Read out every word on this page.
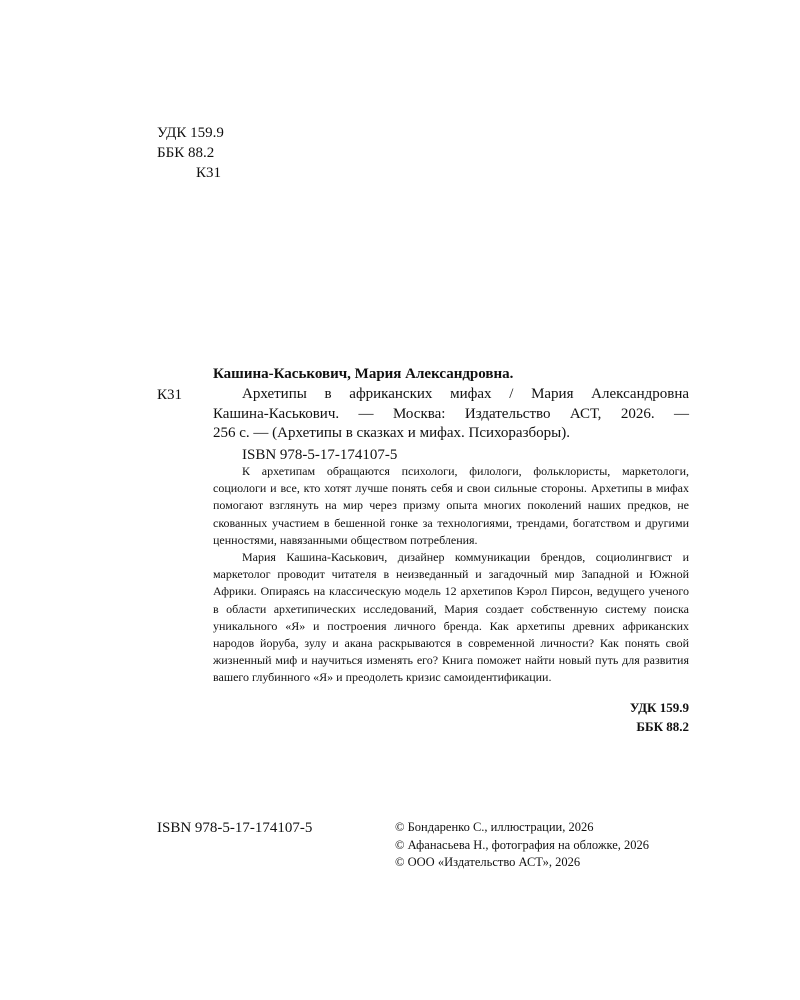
УДК 159.9
ББК 88.2
К31
Кашина-Каськович, Мария Александровна.
К31	Архетипы в африканских мифах / Мария Александровна
Кашина-Каськович. — Москва: Издательство АСТ, 2026. —
256 с. — (Архетипы в сказках и мифах. Психоразборы).
ISBN 978-5-17-174107-5

К архетипам обращаются психологи, филологи, фольклористы, маркетологи, социологи и все, кто хотят лучше понять себя и свои сильные стороны. Архетипы в мифах помогают взглянуть на мир через призму опыта многих поколений наших предков, не скованных участием в бешенной гонке за технологиями, трендами, богатством и другими ценностями, навязанными обществом потребления.

Мария Кашина-Каськович, дизайнер коммуникации брендов, социолингвист и маркетолог проводит читателя в неизведанный и загадочный мир Западной и Южной Африки. Опираясь на классическую модель 12 архетипов Кэрол Пирсон, ведущего ученого в области архетипических исследований, Мария создает собственную систему поиска уникального «Я» и построения личного бренда. Как архетипы древних африканских народов йоруба, зулу и акана раскрываются в современной личности? Как понять свой жизненный миф и научиться изменять его? Книга поможет найти новый путь для развития вашего глубинного «Я» и преодолеть кризис самоидентификации.

УДК 159.9
ББК 88.2
ISBN 978-5-17-174107-5	© Бондаренко С., иллюстрации, 2026
© Афанасьева Н., фотография на обложке, 2026
© ООО «Издательство АСТ», 2026
